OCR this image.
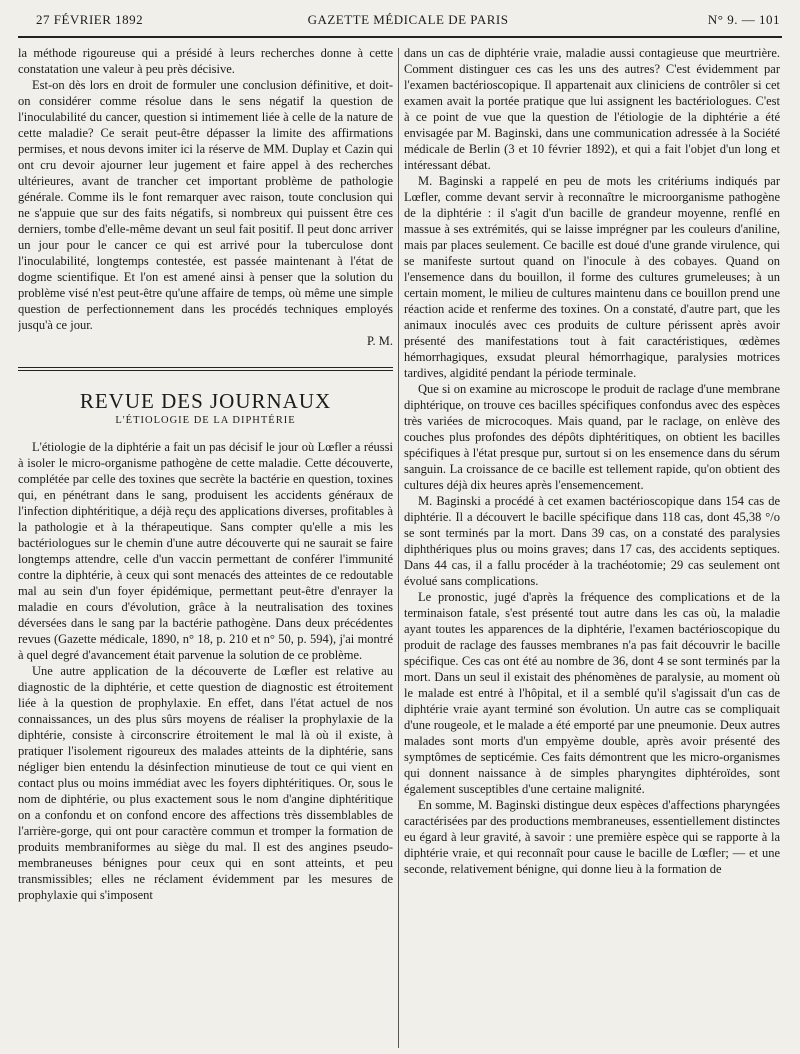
27 FÉVRIER 1892	GAZETTE MÉDICALE DE PARIS	N° 9. — 101

la méthode rigoureuse qui a présidé à leurs recherches donne à cette constatation une valeur à peu près décisive.

Est-on dès lors en droit de formuler une conclusion définitive, et doit-on considérer comme résolue dans le sens négatif la question de l'inoculabilité du cancer, question si intimement liée à celle de la nature de cette maladie? Ce serait peut-être dépasser la limite des affirmations permises, et nous devons imiter ici la réserve de MM. Duplay et Cazin qui ont cru devoir ajourner leur jugement et faire appel à des recherches ultérieures, avant de trancher cet important problème de pathologie générale. Comme ils le font remarquer avec raison, toute conclusion qui ne s'appuie que sur des faits négatifs, si nombreux qui puissent être ces derniers, tombe d'elle-même devant un seul fait positif. Il peut donc arriver un jour pour le cancer ce qui est arrivé pour la tuberculose dont l'inoculabilité, longtemps contestée, est passée maintenant à l'état de dogme scientifique. Et l'on est amené ainsi à penser que la solution du problème visé n'est peut-être qu'une affaire de temps, où même une simple question de perfectionnement dans les procédés techniques employés jusqu'à ce jour.

P. M.

REVUE DES JOURNAUX
L'ÉTIOLOGIE DE LA DIPHTÉRIE

L'étiologie de la diphtérie a fait un pas décisif le jour où Lœfler a réussi à isoler le micro-organisme pathogène de cette maladie. Cette découverte, complétée par celle des toxines que secrète la bactérie en question, toxines qui, en pénétrant dans le sang, produisent les accidents généraux de l'infection diphtéritique, a déjà reçu des applications diverses, profitables à la pathologie et à la thérapeutique. Sans compter qu'elle a mis les bactériologues sur le chemin d'une autre découverte qui ne saurait se faire longtemps attendre, celle d'un vaccin permettant de conférer l'immunité contre la diphtérie, à ceux qui sont menacés des atteintes de ce redoutable mal au sein d'un foyer épidémique, permettant peut-être d'enrayer la maladie en cours d'évolution, grâce à la neutralisation des toxines déversées dans le sang par la bactérie pathogène. Dans deux précédentes revues (Gazette médicale, 1890, n° 18, p. 210 et n° 50, p. 594), j'ai montré à quel degré d'avancement était parvenue la solution de ce problème.

Une autre application de la découverte de Lœfler est relative au diagnostic de la diphtérie, et cette question de diagnostic est étroitement liée à la question de prophylaxie. En effet, dans l'état actuel de nos connaissances, un des plus sûrs moyens de réaliser la prophylaxie de la diphtérie, consiste à circonscrire étroitement le mal là où il existe, à pratiquer l'isolement rigoureux des malades atteints de la diphtérie, sans négliger bien entendu la désinfection minutieuse de tout ce qui vient en contact plus ou moins immédiat avec les foyers diphtéritiques. Or, sous le nom de diphtérie, ou plus exactement sous le nom d'angine diphtéritique on a confondu et on confond encore des affections très dissemblables de l'arrière-gorge, qui ont pour caractère commun et tromper la formation de produits membraniformes au siège du mal. Il est des angines pseudo-membraneuses bénignes pour ceux qui en sont atteints, et peu transmissibles; elles ne réclament évidemment par les mesures de prophylaxie qui s'imposent

dans un cas de diphtérie vraie, maladie aussi contagieuse que meurtrière. Comment distinguer ces cas les uns des autres? C'est évidemment par l'examen bactérioscopique. Il appartenait aux cliniciens de contrôler si cet examen avait la portée pratique que lui assignent les bactériologues. C'est à ce point de vue que la question de l'étiologie de la diphtérie a été envisagée par M. Baginski, dans une communication adressée à la Société médicale de Berlin (3 et 10 février 1892), et qui a fait l'objet d'un long et intéressant débat.

M. Baginski a rappelé en peu de mots les critériums indiqués par Lœfler, comme devant servir à reconnaître le microorganisme pathogène de la diphtérie : il s'agit d'un bacille de grandeur moyenne, renflé en massue à ses extrémités, qui se laisse imprégner par les couleurs d'aniline, mais par places seulement. Ce bacille est doué d'une grande virulence, qui se manifeste surtout quand on l'inocule à des cobayes. Quand on l'ensemence dans du bouillon, il forme des cultures grumeleuses; à un certain moment, le milieu de cultures maintenu dans ce bouillon prend une réaction acide et renferme des toxines. On a constaté, d'autre part, que les animaux inoculés avec ces produits de culture périssent après avoir présenté des manifestations tout à fait caractéristiques, œdèmes hémorrhagiques, exsudat pleural hémorrhagique, paralysies motrices tardives, algidité pendant la période terminale.

Que si on examine au microscope le produit de raclage d'une membrane diphtérique, on trouve ces bacilles spécifiques confondus avec des espèces très variées de microcoques. Mais quand, par le raclage, on enlève des couches plus profondes des dépôts diphtéritiques, on obtient les bacilles spécifiques à l'état presque pur, surtout si on les ensemence dans du sérum sanguin. La croissance de ce bacille est tellement rapide, qu'on obtient des cultures déjà dix heures après l'ensemencement.

M. Baginski a procédé à cet examen bactérioscopique dans 154 cas de diphtérie. Il a découvert le bacille spécifique dans 118 cas, dont 45,38 °/o se sont terminés par la mort. Dans 39 cas, on a constaté des paralysies diphthériques plus ou moins graves; dans 17 cas, des accidents septiques. Dans 44 cas, il a fallu procéder à la trachéotomie; 29 cas seulement ont évolué sans complications.

Le pronostic, jugé d'après la fréquence des complications et de la terminaison fatale, s'est présenté tout autre dans les cas où, la maladie ayant toutes les apparences de la diphtérie, l'examen bactérioscopique du produit de raclage des fausses membranes n'a pas fait découvrir le bacille spécifique. Ces cas ont été au nombre de 36, dont 4 se sont terminés par la mort. Dans un seul il existait des phénomènes de paralysie, au moment où le malade est entré à l'hôpital, et il a semblé qu'il s'agissait d'un cas de diphtérie vraie ayant terminé son évolution. Un autre cas se compliquait d'une rougeole, et le malade a été emporté par une pneumonie. Deux autres malades sont morts d'un empyème double, après avoir présenté des symptômes de septicémie. Ces faits démontrent que les micro-organismes qui donnent naissance à de simples pharyngites diphtéroïdes, sont également susceptibles d'une certaine malignité.

En somme, M. Baginski distingue deux espèces d'affections pharyngées caractérisées par des productions membraneuses, essentiellement distinctes eu égard à leur gravité, à savoir : une première espèce qui se rapporte à la diphtérie vraie, et qui reconnaît pour cause le bacille de Lœfler; — et une seconde, relativement bénigne, qui donne lieu à la formation de
